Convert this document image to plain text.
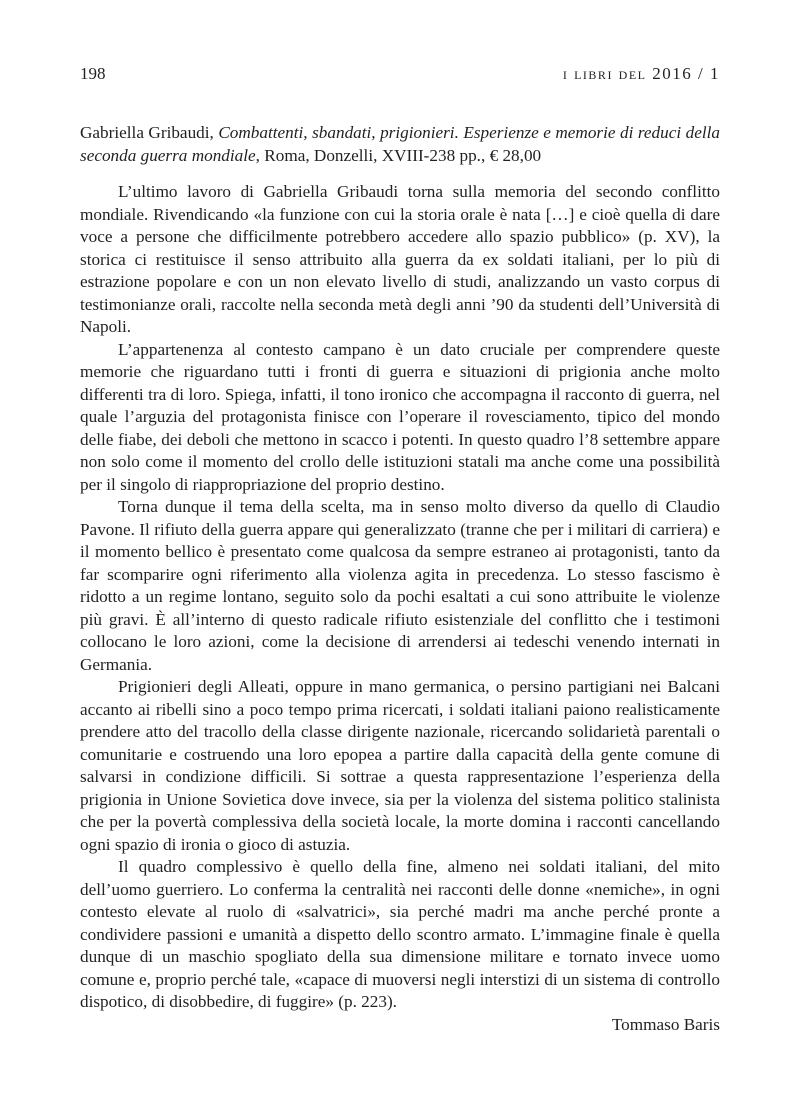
198	i libri del 2016 / 1
Gabriella Gribaudi, Combattenti, sbandati, prigionieri. Esperienze e memorie di reduci della seconda guerra mondiale, Roma, Donzelli, XVIII-238 pp., € 28,00

L’ultimo lavoro di Gabriella Gribaudi torna sulla memoria del secondo conflitto mondiale. Rivendicando «la funzione con cui la storia orale è nata […] e cioè quella di dare voce a persone che difficilmente potrebbero accedere allo spazio pubblico» (p. XV), la storica ci restituisce il senso attribuito alla guerra da ex soldati italiani, per lo più di estrazione popolare e con un non elevato livello di studi, analizzando un vasto corpus di testimonianze orali, raccolte nella seconda metà degli anni ’90 da studenti dell’Università di Napoli.

L’appartenenza al contesto campano è un dato cruciale per comprendere queste memorie che riguardano tutti i fronti di guerra e situazioni di prigionia anche molto differenti tra di loro. Spiega, infatti, il tono ironico che accompagna il racconto di guerra, nel quale l’arguzia del protagonista finisce con l’operare il rovesciamento, tipico del mondo delle fiabe, dei deboli che mettono in scacco i potenti. In questo quadro l’8 settembre appare non solo come il momento del crollo delle istituzioni statali ma anche come una possibilità per il singolo di riappropriazione del proprio destino.

Torna dunque il tema della scelta, ma in senso molto diverso da quello di Claudio Pavone. Il rifiuto della guerra appare qui generalizzato (tranne che per i militari di carriera) e il momento bellico è presentato come qualcosa da sempre estraneo ai protagonisti, tanto da far scomparire ogni riferimento alla violenza agita in precedenza. Lo stesso fascismo è ridotto a un regime lontano, seguito solo da pochi esaltati a cui sono attribuite le violenze più gravi. È all’interno di questo radicale rifiuto esistenziale del conflitto che i testimoni collocano le loro azioni, come la decisione di arrendersi ai tedeschi venendo internati in Germania.

Prigionieri degli Alleati, oppure in mano germanica, o persino partigiani nei Balcani accanto ai ribelli sino a poco tempo prima ricercati, i soldati italiani paiono realisticamente prendere atto del tracollo della classe dirigente nazionale, ricercando solidarietà parentali o comunitarie e costruendo una loro epopea a partire dalla capacità della gente comune di salvarsi in condizione difficili. Si sottrae a questa rappresentazione l’esperienza della prigionia in Unione Sovietica dove invece, sia per la violenza del sistema politico stalinista che per la povertà complessiva della società locale, la morte domina i racconti cancellando ogni spazio di ironia o gioco di astuzia.

Il quadro complessivo è quello della fine, almeno nei soldati italiani, del mito dell’uomo guerriero. Lo conferma la centralità nei racconti delle donne «nemiche», in ogni contesto elevate al ruolo di «salvatrici», sia perché madri ma anche perché pronte a condividere passioni e umanità a dispetto dello scontro armato. L’immagine finale è quella dunque di un maschio spogliato della sua dimensione militare e tornato invece uomo comune e, proprio perché tale, «capace di muoversi negli interstizi di un sistema di controllo dispotico, di disobbedire, di fuggire» (p. 223).

Tommaso Baris
